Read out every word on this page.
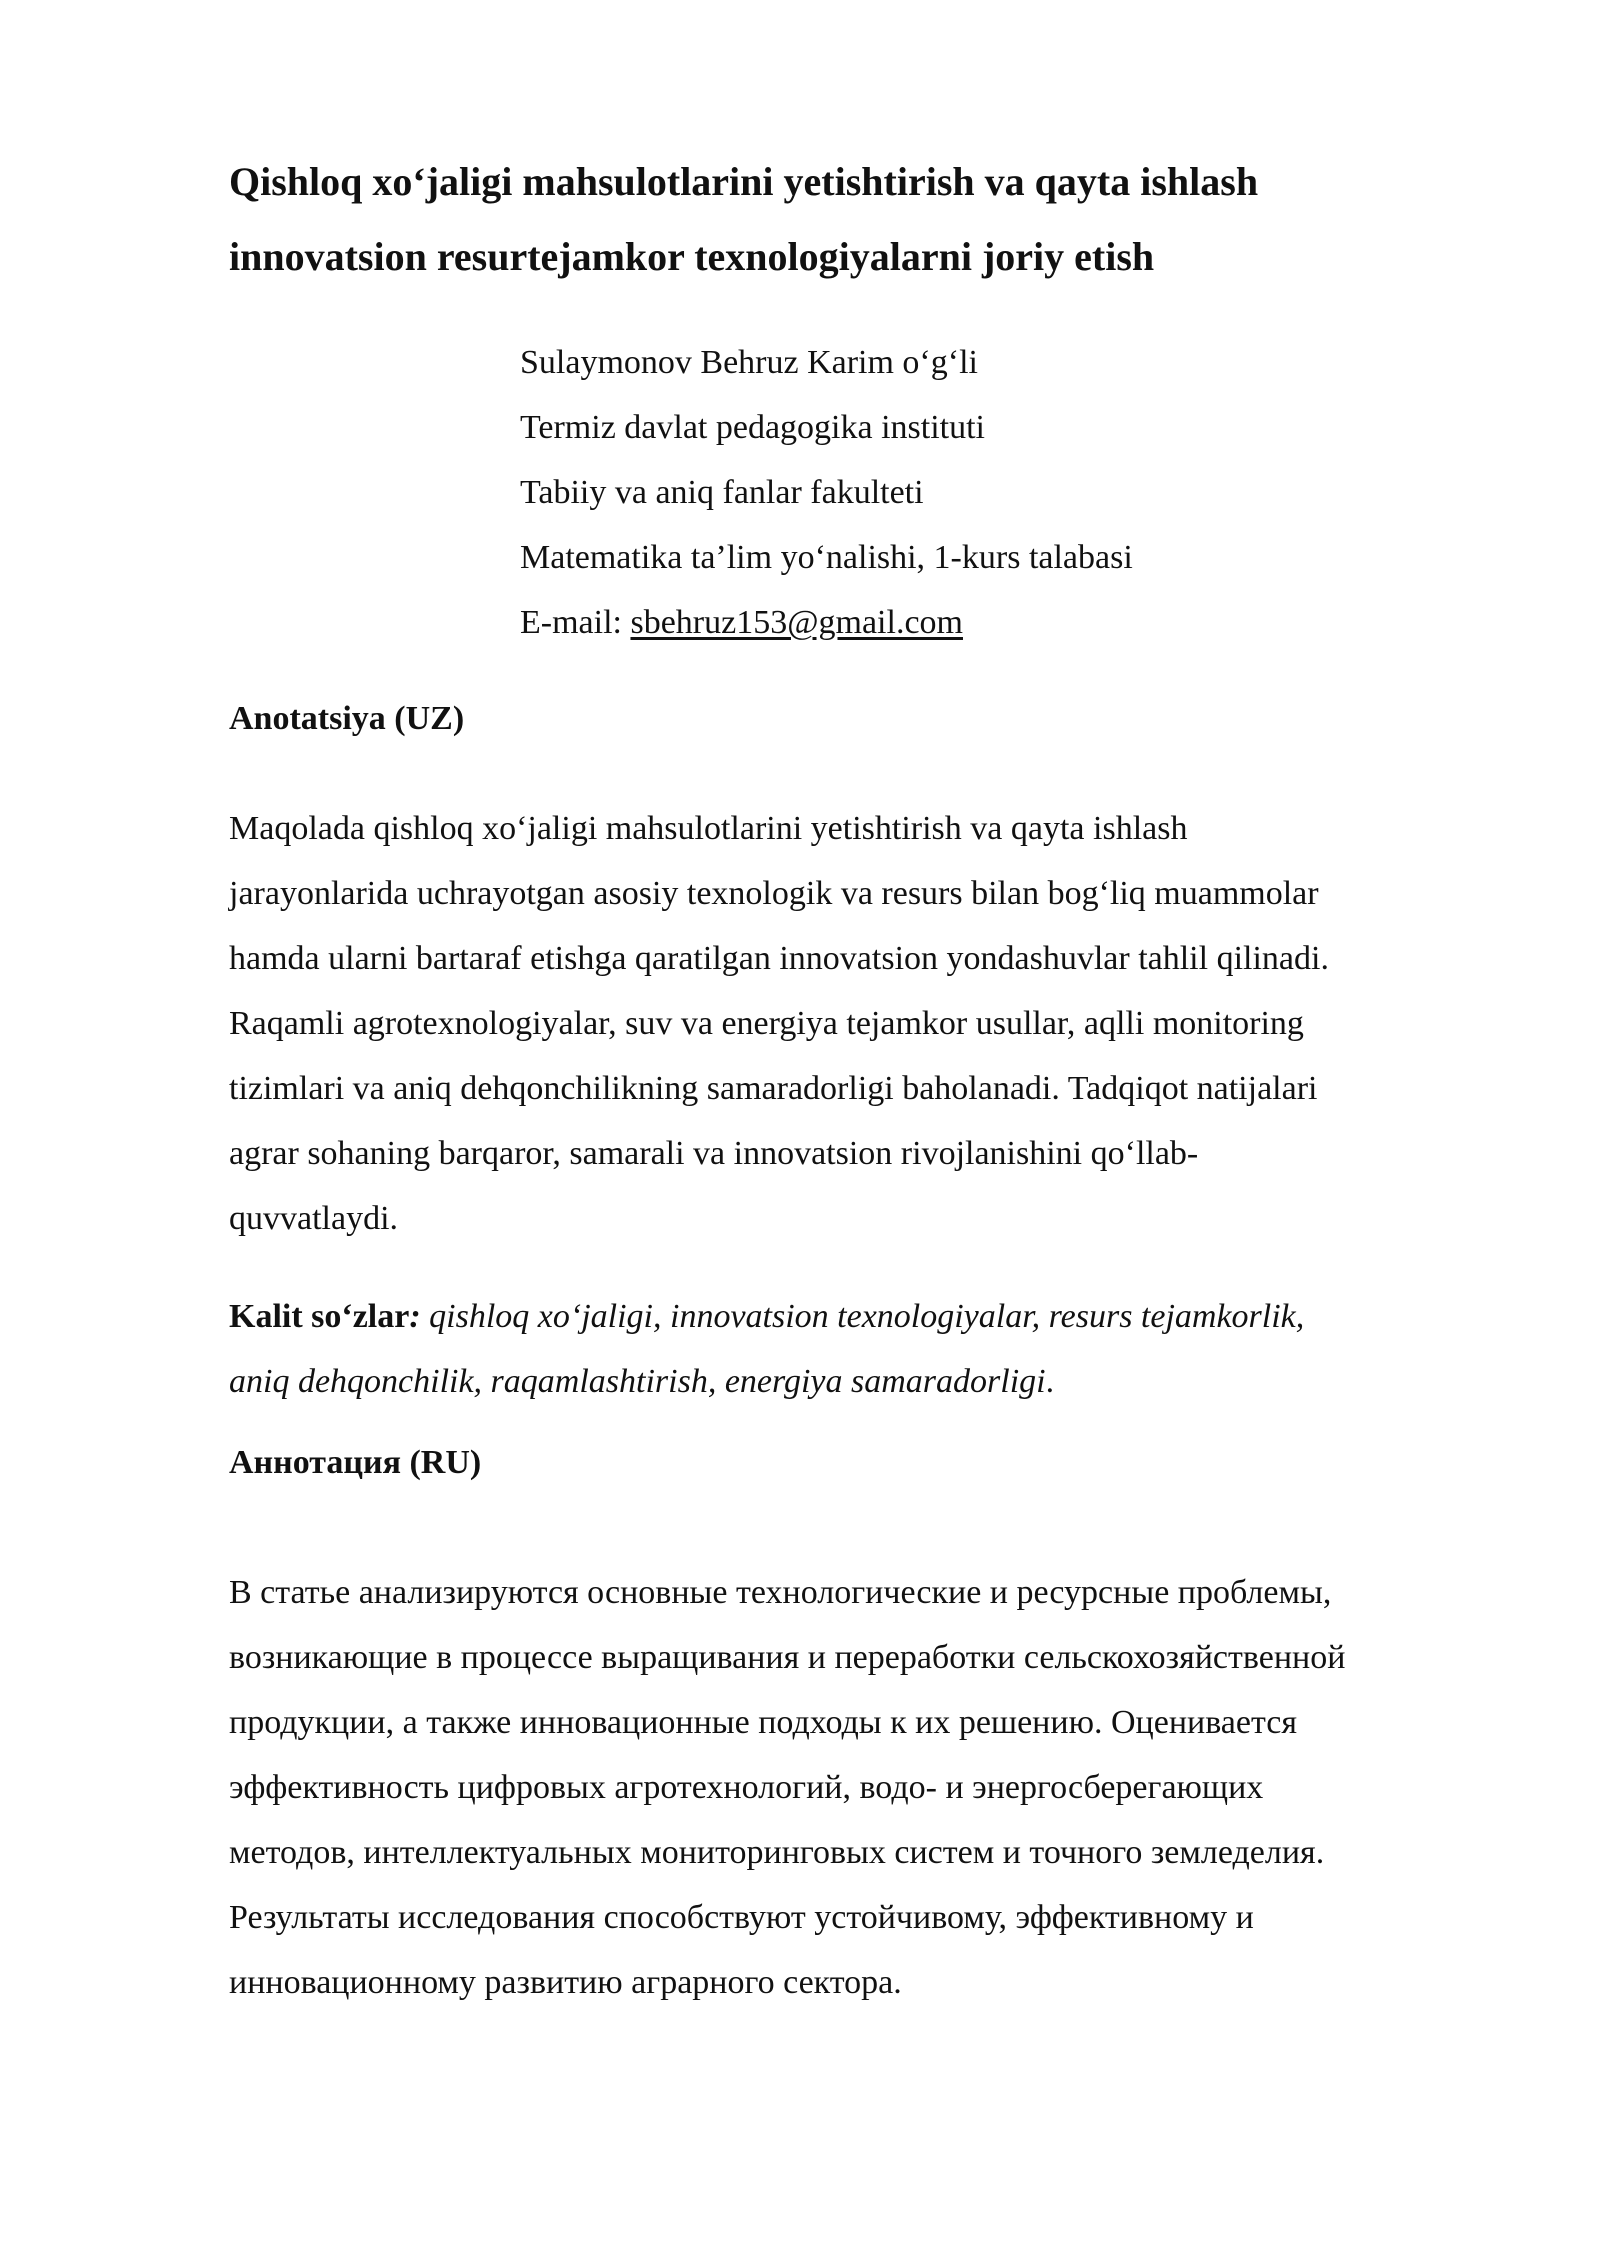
Qishloq xo‘jaligi mahsulotlarini yetishtirish va qayta ishlash
innovatsion resurtejamkor texnologiyalarni joriy etish
Sulaymonov Behruz Karim o‘g‘li
Termiz davlat pedagogika instituti
Tabiiy va aniq fanlar fakulteti
Matematika ta’lim yo‘nalishi, 1-kurs talabasi
E-mail: sbehruz153@gmail.com
Anotatsiya (UZ)
Maqolada qishloq xo‘jaligi mahsulotlarini yetishtirish va qayta ishlash
jarayonlarida uchrayotgan asosiy texnologik va resurs bilan bog‘liq muammolar
hamda ularni bartaraf etishga qaratilgan innovatsion yondashuvlar tahlil qilinadi.
Raqamli agrotexnologiyalar, suv va energiya tejamkor usullar, aqlli monitoring
tizimlari va aniq dehqonchilikning samaradorligi baholanadi. Tadqiqot natijalari
agrar sohaning barqaror, samarali va innovatsion rivojlanishini qo‘llab-
quvvatlaydi.
Kalit so‘zlar: qishloq xo‘jaligi, innovatsion texnologiyalar, resurs tejamkorlik,
aniq dehqonchilik, raqamlashtirish, energiya samaradorligi.
Аннотация (RU)
В статье анализируются основные технологические и ресурсные проблемы,
возникающие в процессе выращивания и переработки сельскохозяйственной
продукции, а также инновационные подходы к их решению. Оценивается
эффективность цифровых агротехнологий, водо- и энергосберегающих
методов, интеллектуальных мониторинговых систем и точного земледелия.
Результаты исследования способствуют устойчивому, эффективному и
инновационному развитию аграрного сектора.
